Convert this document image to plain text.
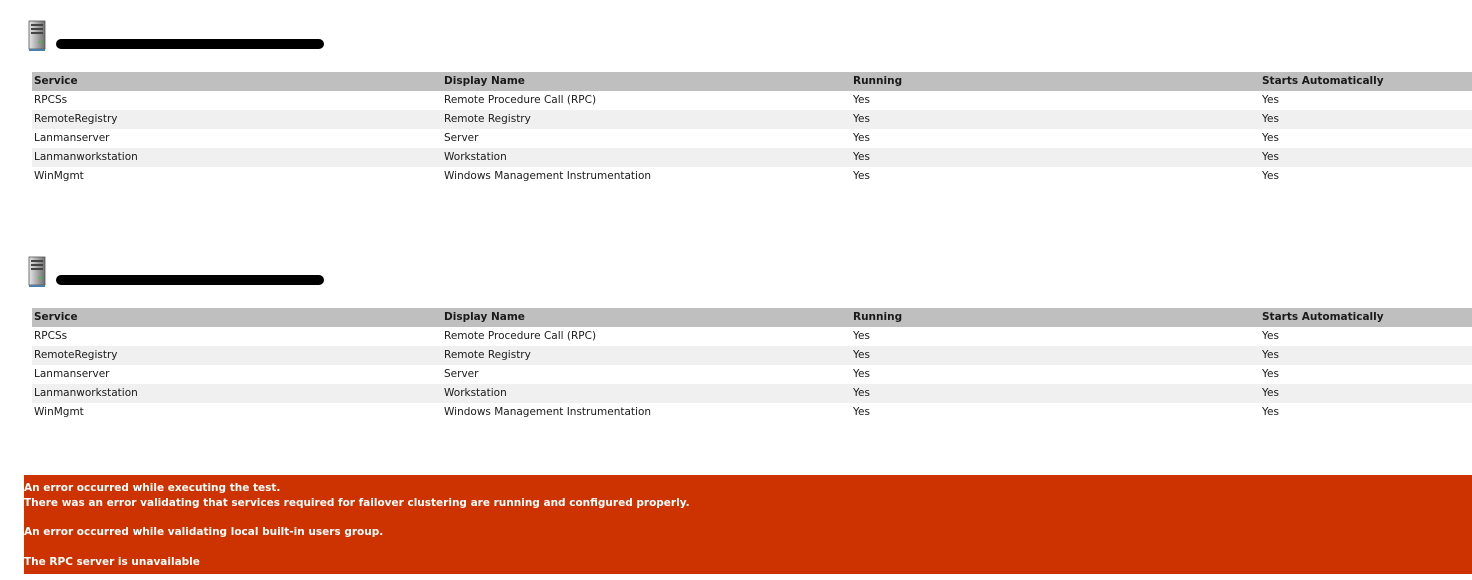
Service	Display Name	Running	Starts Automatically
RPCSs	Remote Procedure Call (RPC)	Yes	Yes
RemoteRegistry	Remote Registry	Yes	Yes
Lanmanserver	Server	Yes	Yes
Lanmanworkstation	Workstation	Yes	Yes
WinMgmt	Windows Management Instrumentation	Yes	Yes
Service	Display Name	Running	Starts Automatically
RPCSs	Remote Procedure Call (RPC)	Yes	Yes
RemoteRegistry	Remote Registry	Yes	Yes
Lanmanserver	Server	Yes	Yes
Lanmanworkstation	Workstation	Yes	Yes
WinMgmt	Windows Management Instrumentation	Yes	Yes
An error occurred while executing the test.
There was an error validating that services required for failover clustering are running and configured properly.
An error occurred while validating local built-in users group.
The RPC server is unavailable
